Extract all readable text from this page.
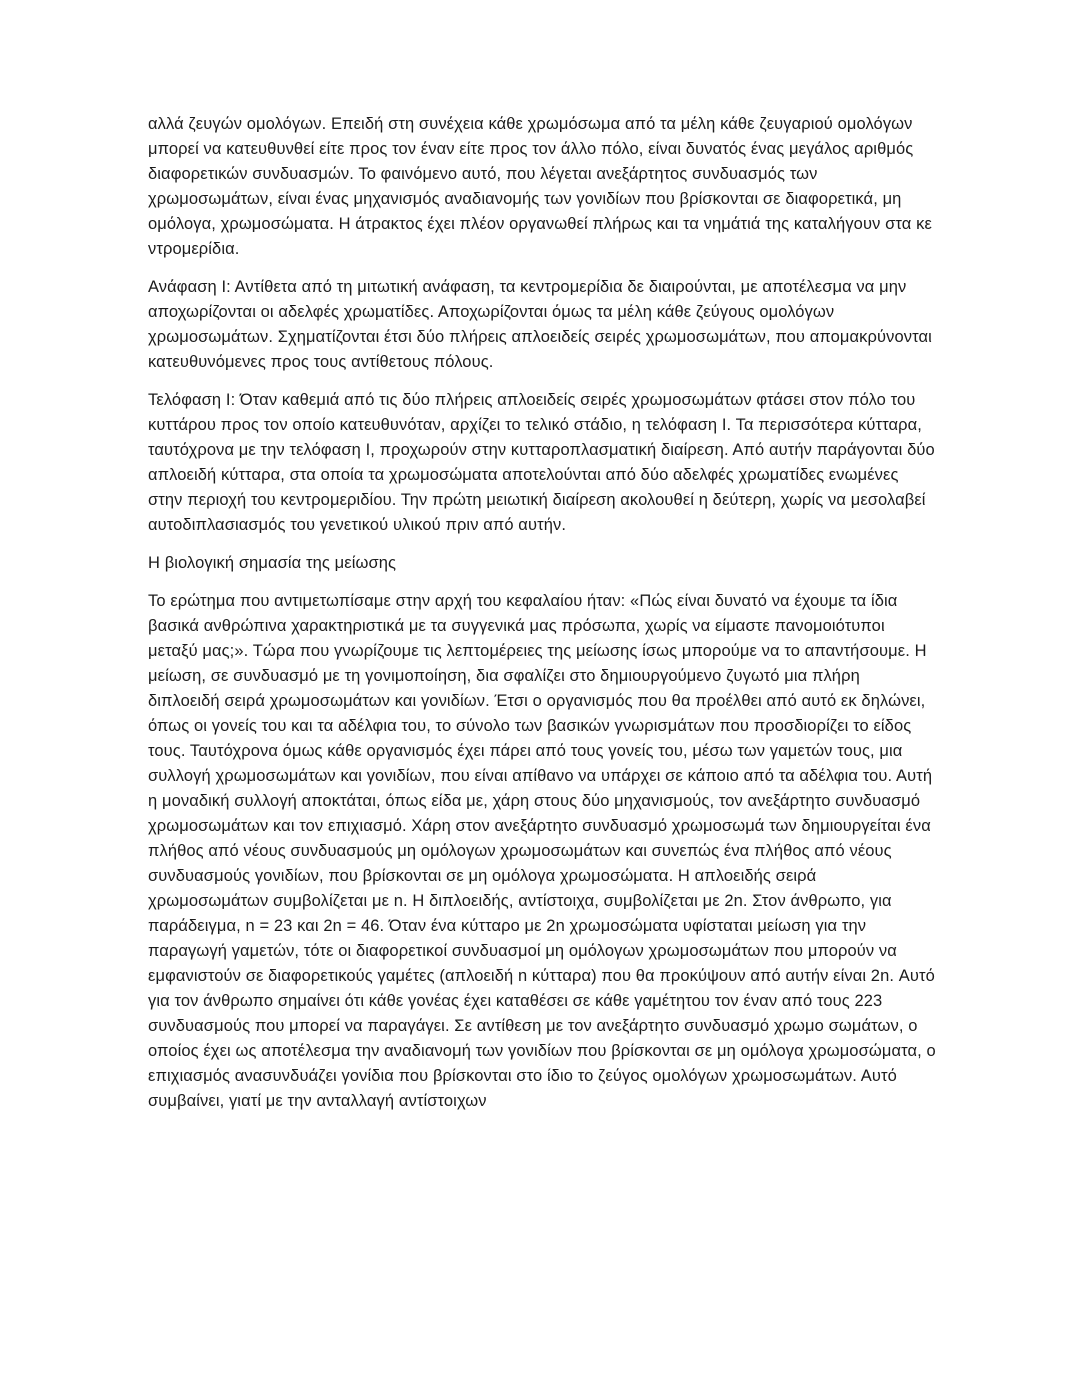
αλλά ζευγών ομολόγων. Επειδή στη συνέχεια κάθε χρωμόσωμα από τα μέλη κάθε ζευγαριού ομολόγων μπορεί να κατευθυνθεί είτε προς τον έναν είτε προς τον άλλο πόλο, είναι δυνατός ένας μεγάλος αριθμός διαφορετικών συνδυασμών. Το φαινόμενο αυτό, που λέγεται ανεξάρτητος συνδυασμός των χρωμοσωμάτων, είναι ένας μηχανισμός αναδιανομής των γονιδίων που βρίσκονται σε διαφορετικά, μη ομόλογα, χρωμοσώματα. Η άτρακτος έχει πλέον οργανωθεί πλήρως και τα νημάτιά της καταλήγουν στα κε ντρομερίδια.

Ανάφαση Ι: Αντίθετα από τη μιτωτική ανάφαση, τα κεντρομερίδια δε διαιρούνται, με αποτέλεσμα να μην αποχωρίζονται οι αδελφές χρωματίδες. Αποχωρίζονται όμως τα μέλη κάθε ζεύγους ομολόγων χρωμοσωμάτων. Σχηματίζονται έτσι δύο πλήρεις απλοειδείς σειρές χρωμοσωμάτων, που απομακρύνονται κατευθυνόμενες προς τους αντίθετους πόλους.

Τελόφαση Ι: Όταν καθεμιά από τις δύο πλήρεις απλοειδείς σειρές χρωμοσωμάτων φτάσει στον πόλο του κυττάρου προς τον οποίο κατευθυνόταν, αρχίζει το τελικό στάδιο, η τελόφαση Ι. Τα περισσότερα κύτταρα, ταυτόχρονα με την τελόφαση Ι, προχωρούν στην κυτταροπλασματική διαίρεση. Από αυτήν παράγονται δύο απλοειδή κύτταρα, στα οποία τα χρωμοσώματα αποτελούνται από δύο αδελφές χρωματίδες ενωμένες στην περιοχή του κεντρομεριδίου. Την πρώτη μειωτική διαίρεση ακολουθεί η δεύτερη, χωρίς να μεσολαβεί αυτοδιπλασιασμός του γενετικού υλικού πριν από αυτήν.

Η βιολογική σημασία της μείωσης

Το ερώτημα που αντιμετωπίσαμε στην αρχή του κεφαλαίου ήταν: «Πώς είναι δυνατό να έχουμε τα ίδια βασικά ανθρώπινα χαρακτηριστικά με τα συγγενικά μας πρόσωπα, χωρίς να είμαστε πανομοιότυποι μεταξύ μας;». Τώρα που γνωρίζουμε τις λεπτομέρειες της μείωσης ίσως μπορούμε να το απαντήσουμε. Η μείωση, σε συνδυασμό με τη γονιμοποίηση, δια σφαλίζει στο δημιουργούμενο ζυγωτό μια πλήρη διπλοειδή σειρά χρωμοσωμάτων και γονιδίων. Έτσι ο οργανισμός που θα προέλθει από αυτό εκ δηλώνει, όπως οι γονείς του και τα αδέλφια του, το σύνολο των βασικών γνωρισμάτων που προσδιορίζει το είδος τους. Ταυτόχρονα όμως κάθε οργανισμός έχει πάρει από τους γονείς του, μέσω των γαμετών τους, μια συλλογή χρωμοσωμάτων και γονιδίων, που είναι απίθανο να υπάρχει σε κάποιο από τα αδέλφια του. Αυτή η μοναδική συλλογή αποκτάται, όπως είδα με, χάρη στους δύο μηχανισμούς, τον ανεξάρτητο συνδυασμό χρωμοσωμάτων και τον επιχιασμό. Χάρη στον ανεξάρτητο συνδυασμό χρωμοσωμά των δημιουργείται ένα πλήθος από νέους συνδυασμούς μη ομόλογων χρωμοσωμάτων και συνεπώς ένα πλήθος από νέους συνδυασμούς γονιδίων, που βρίσκονται σε μη ομόλογα χρωμοσώματα. Η απλοειδής σειρά χρωμοσωμάτων συμβολίζεται με n. Η διπλοειδής, αντίστοιχα, συμβολίζεται με 2n. Στον άνθρωπο, για παράδειγμα, n = 23 και 2n = 46. Όταν ένα κύτταρο με 2n χρωμοσώματα υφίσταται μείωση για την παραγωγή γαμετών, τότε οι διαφορετικοί συνδυασμοί μη ομόλογων χρωμοσωμάτων που μπορούν να εμφανιστούν σε διαφορετικούς γαμέτες (απλοειδή n κύτταρα) που θα προκύψουν από αυτήν είναι 2n. Αυτό για τον άνθρωπο σημαίνει ότι κάθε γονέας έχει καταθέσει σε κάθε γαμέτητου τον έναν από τους 223 συνδυασμούς που μπορεί να παραγάγει. Σε αντίθεση με τον ανεξάρτητο συνδυασμό χρωμο σωμάτων, ο οποίος έχει ως αποτέλεσμα την αναδιανομή των γονιδίων που βρίσκονται σε μη ομόλογα χρωμοσώματα, ο επιχιασμός ανασυνδυάζει γονίδια που βρίσκονται στο ίδιο το ζεύγος ομολόγων χρωμοσωμάτων. Αυτό συμβαίνει, γιατί με την ανταλλαγή αντίστοιχων
